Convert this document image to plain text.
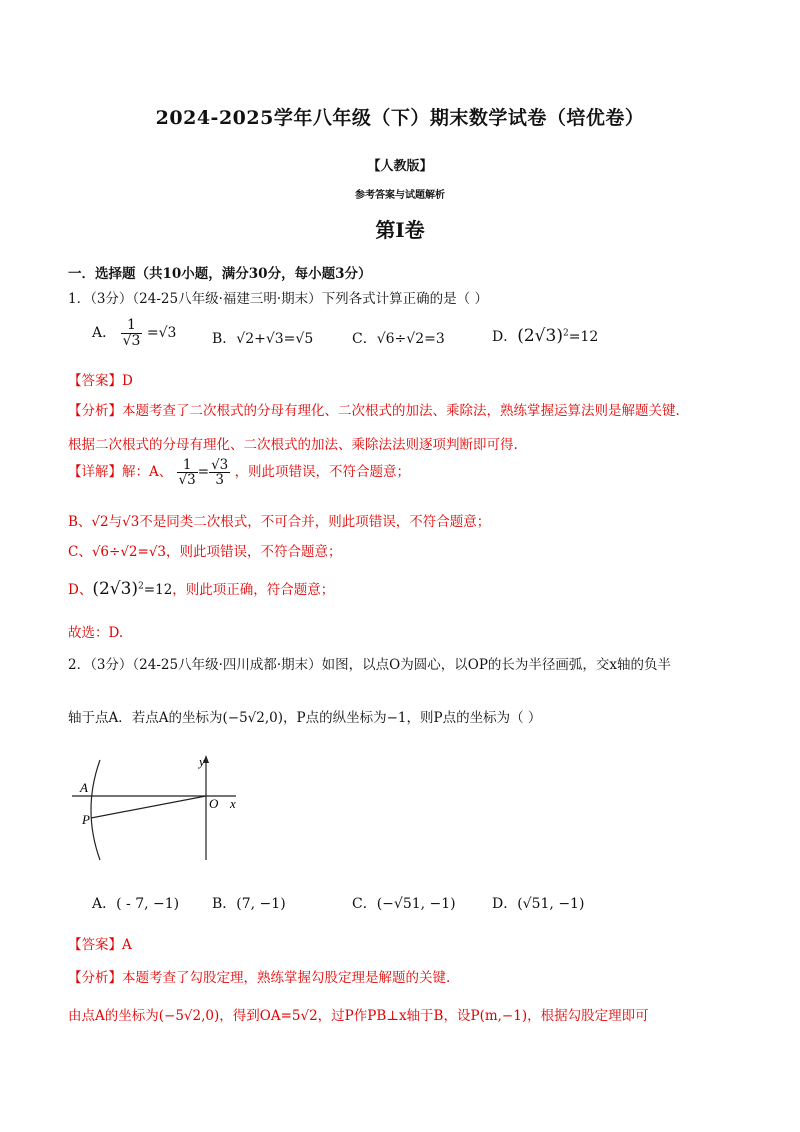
2024-2025学年八年级（下）期末数学试卷（培优卷）
【人教版】
参考答案与试题解析
第Ⅰ卷
一．选择题（共10小题，满分30分，每小题3分）
1．（3分）（24-25八年级·福建三明·期末）下列各式计算正确的是（ ）
A． $\frac{1}{√3} =√3$	B．√2+√3=√5	C．√6÷√2=3	D．$(2√3)^2=12$
【答案】D
【分析】本题考查了二次根式的分母有理化、二次根式的加法、乘除法，熟练掌握运算法则是解题关键.
根据二次根式的分母有理化、二次根式的加法、乘除法法则逐项判断即可得.
【详解】解：A、 $\frac{1}{√3} = \frac{√3}{3}$ ，则此项错误，不符合题意；
B、√2与√3不是同类二次根式，不可合并，则此项错误，不符合题意；
C、√6÷√2=√3，则此项错误，不符合题意；
D、$(2√3)^2=12$，则此项正确，符合题意；
故选：D.
2．（3分）（24-25八年级·四川成都·期末）如图，以点O为圆心，以OP的长为半径画弧，交x轴的负半
轴于点A．若点A的坐标为(−5√2,0)，P点的纵坐标为−1，则P点的坐标为（ ）
y
x
O
A
P
A．( - 7, −1) B．(7, −1)	C．(−√51, −1)	D．(√51, −1)
【答案】A
【分析】本题考查了勾股定理，熟练掌握勾股定理是解题的关键.
由点A的坐标为(−5√2,0)，得到OA=5√2，过P作PB⊥x轴于B，设P(m,−1)，根据勾股定理即可
